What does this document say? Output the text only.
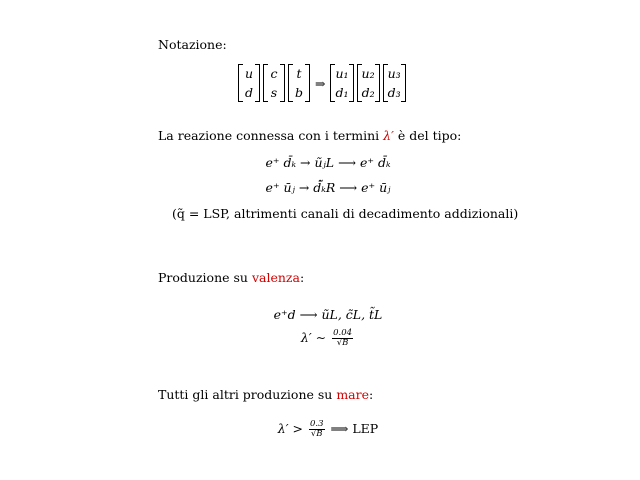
Notazione:
u
d
c
s
t
b
⇒
u₁
d₁
u₂
d₂
u₃
d₃
La reazione connessa con i termini λ′ è del tipo:
e⁺ d̄ₖ → ũⱼL ⟶ e⁺ d̄ₖ
e⁺ ūⱼ → d̃̄ₖR ⟶ e⁺ ūⱼ
(q̃ = LSP, altrimenti canali di decadimento addizionali)
Produzione su valenza:
e⁺d ⟶ ũL, c̃L, t̃L
λ′ ∼ $\frac{0.04}{√B}$
Tutti gli altri produzione su mare:
$\lambda' > \frac{0.3}{√B}$ ⟹ LEP
